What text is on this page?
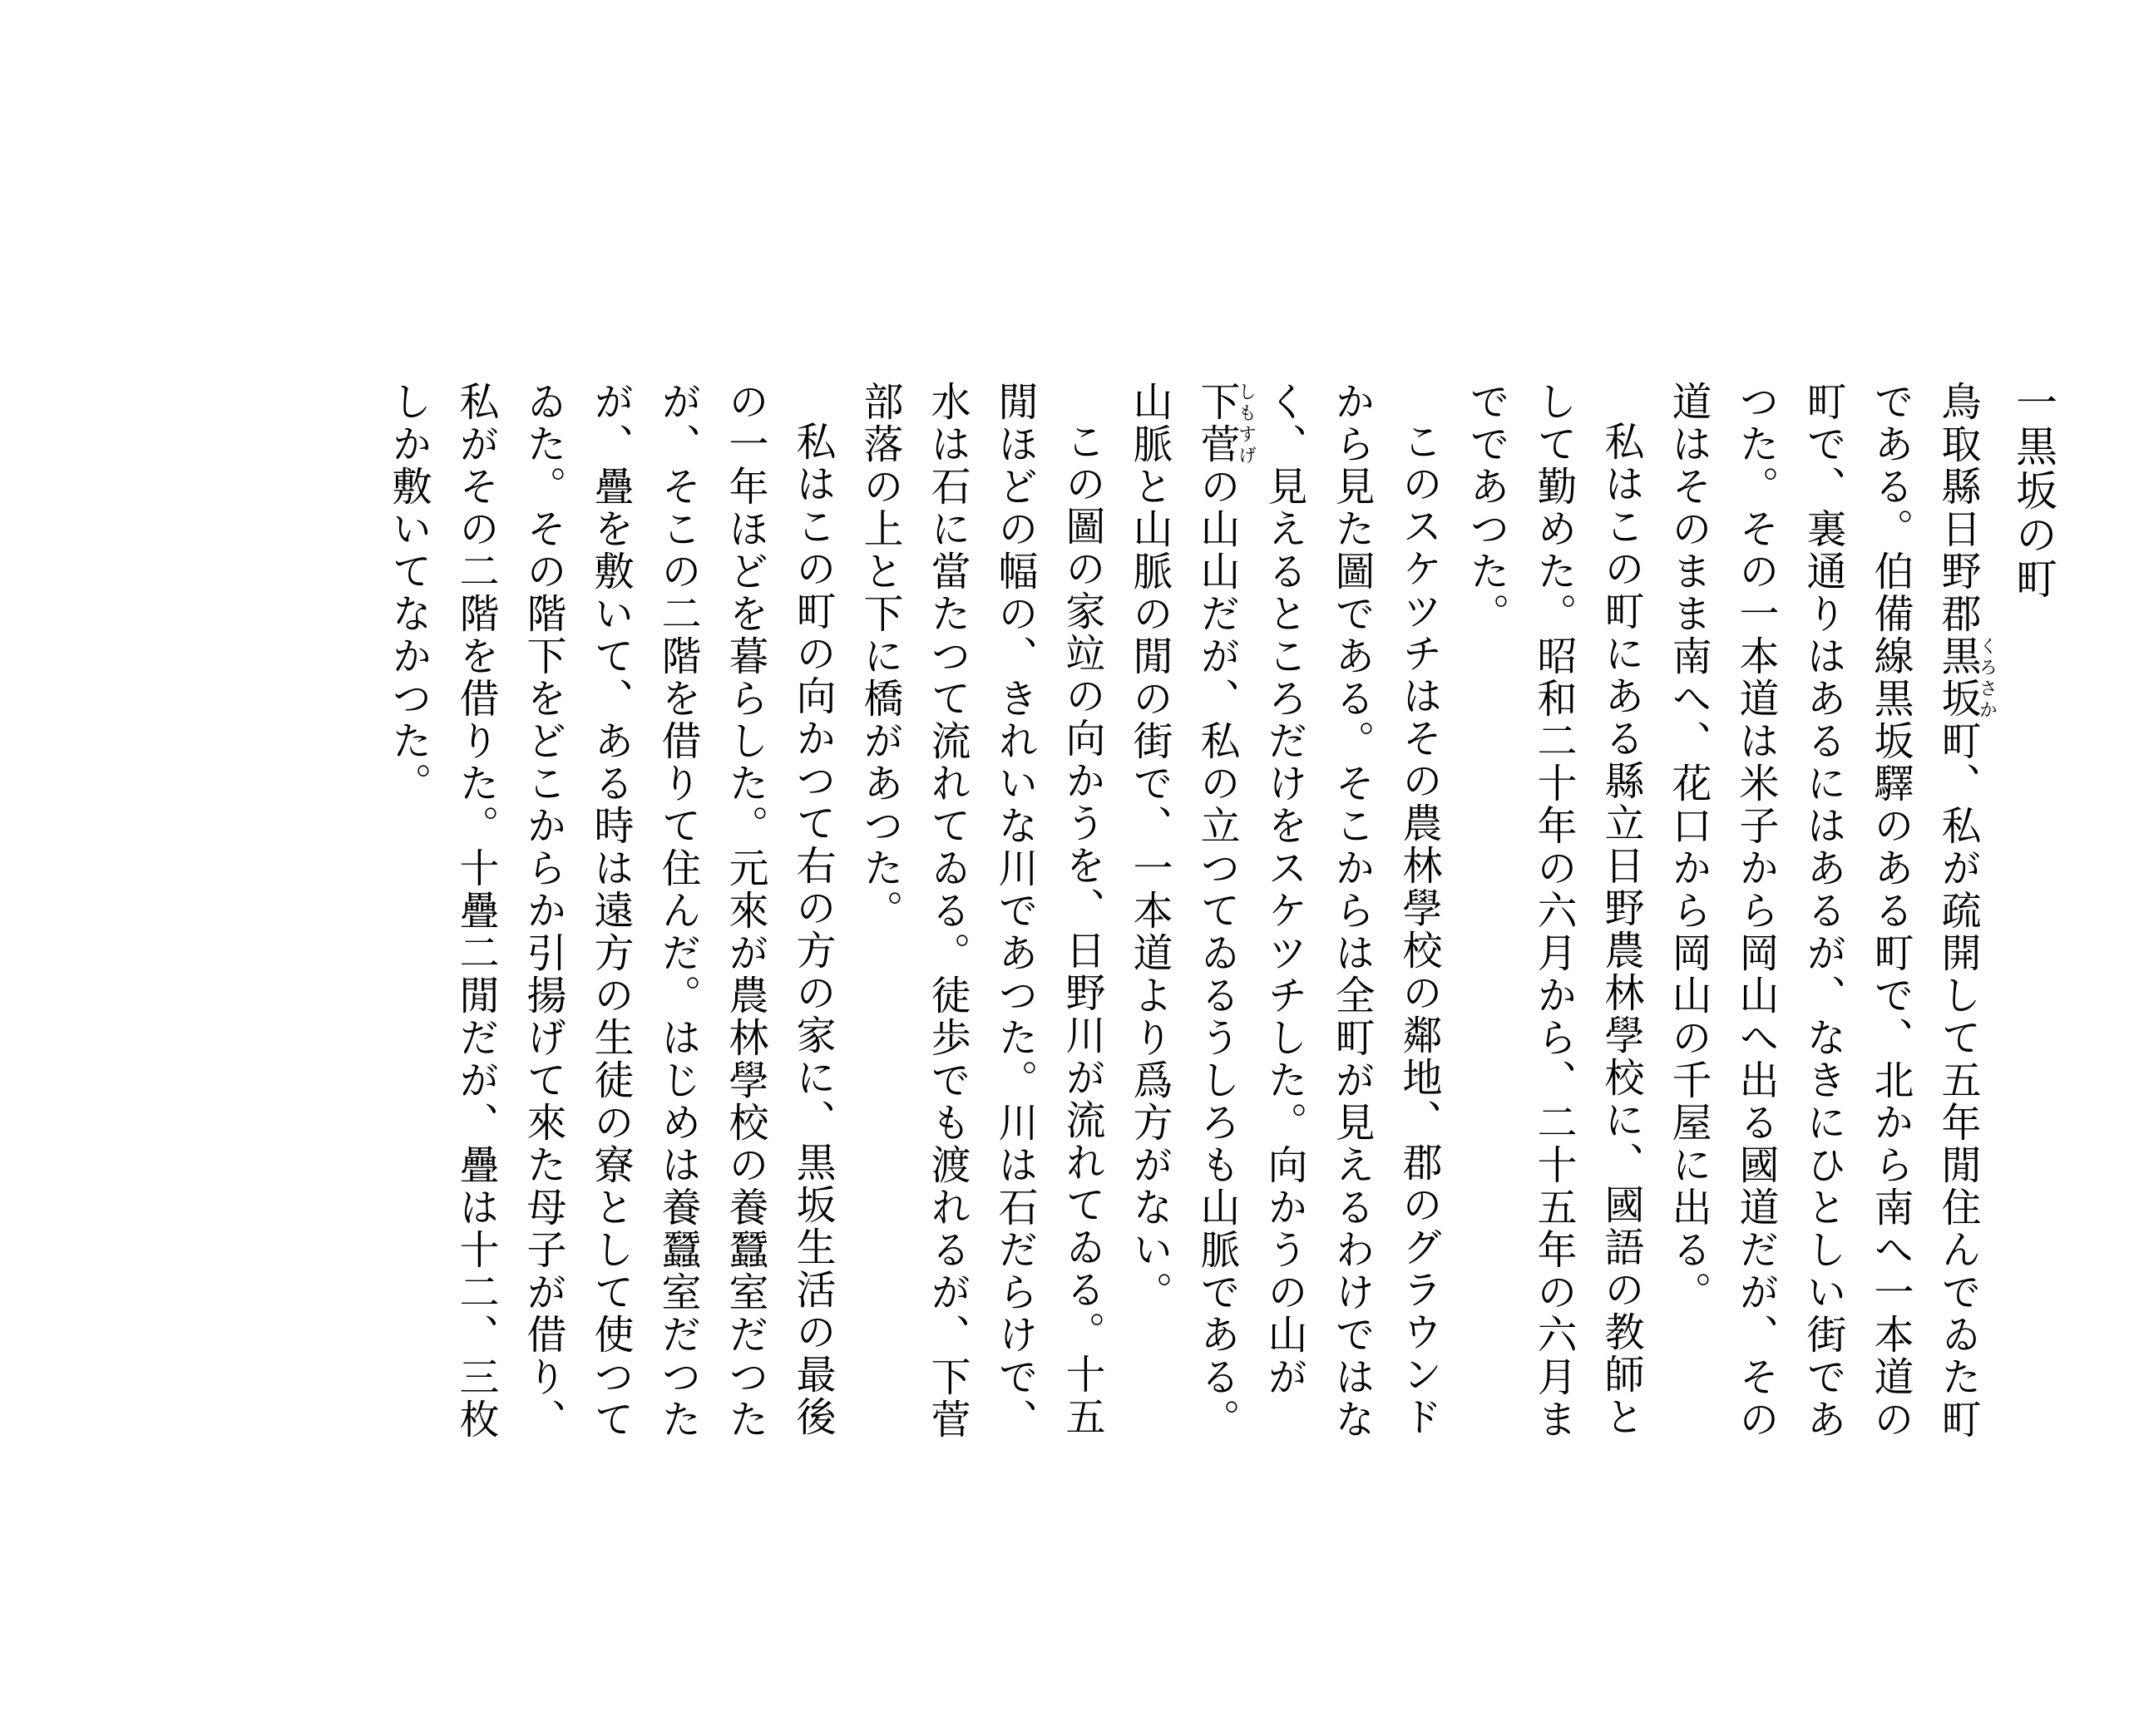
一黒坂の町

鳥取縣日野郡黒坂くろさか町、私が疏開して五年閒住んでゐた町である。伯備線黒坂驛のある町で、北から南へ一本道の町で、裏通りはあるにはあるが、なきにひとしい街であつた。その一本道は米子から岡山へ出る國道だが、その道はそのまま南へ、花口から岡山の千屋に出る。

私はこの町にある縣立日野農林學校に、國語の教師として勤めた。昭和二十年の六月から、二十五年の六月までであつた。

このスケツチはその農林學校の鄰地、郡のグラウンドから見た圖である。そこからは全町が見えるわけではなく、見えるところだけをスケツチした。向かうの山が下菅しもすげの山山だが、私の立つてゐるうしろも山脈である。山脈と山脈の閒の街で、一本道より爲方がない。

この圖の家竝の向かうを、日野川が流れてゐる。十五閒ほどの幅の、きれいな川であつた。川は石だらけで、水は石に當たつて流れてゐる。徒歩でも渡れるが、下菅部落の上と下に橋があつた。

私はこの町の向かつて右の方の家に、黒坂生活の最後の一年ほどを暮らした。元來が農林學校の養蠶室だつたが、そこの二階を借りて住んだ。はじめは養蠶室だつたが、疊を敷いて、ある時は遠方の生徒の寮として使つてゐた。その階下をどこからか引揚げて來た母子が借り、私がその二階を借りた。十疊二閒だが、疊は十二、三枚しか敷いてなかつた。
